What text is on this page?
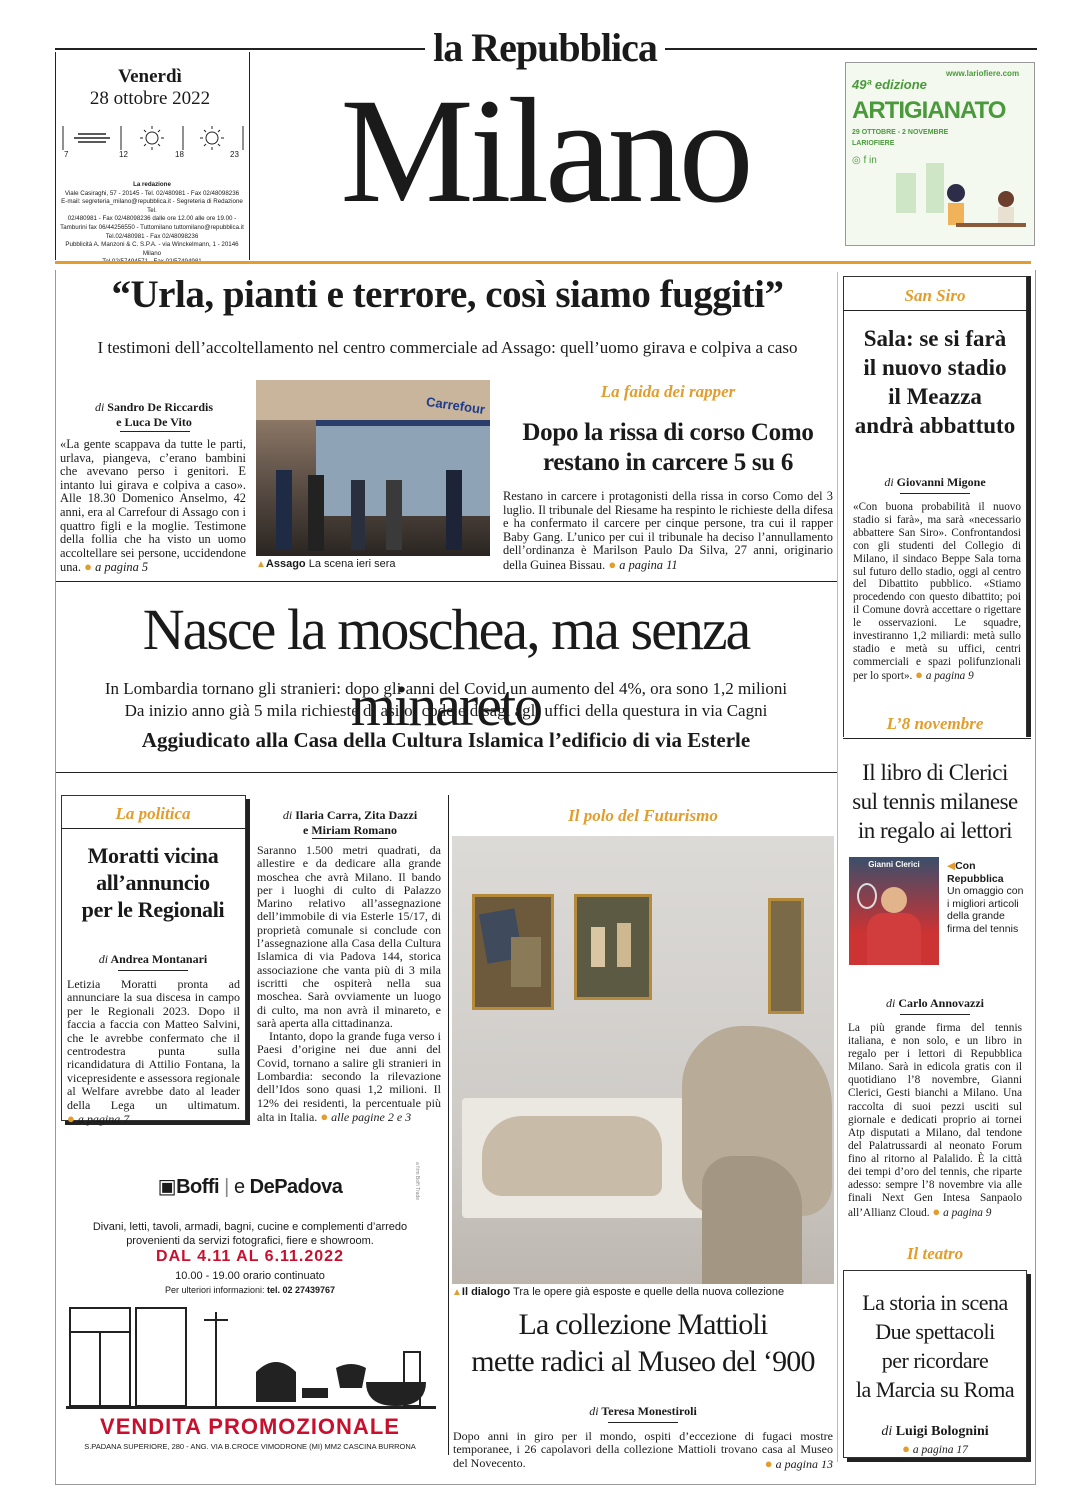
la Repubblica
Milano
Venerdì
28 ottobre 2022
7	12	18	23
La redazione
Viale Casiraghi, 57 - 20145 - Tel. 02/480981 - Fax 02/48098236
E-mail: segreteria_milano@repubblica.it - Segreteria di Redazione Tel.
02/480981 - Fax 02/48098236 dalle ore 12.00 alle ore 19.00 -
Tamburini fax 06/44256550 - Tuttomilano tuttomilano@repubblica.it
Tel.02/480981 - Fax 02/48098236
Pubblicità A. Manzoni & C. S.P.A. - via Winckelmann, 1 - 20146 Milano
49ª edizione
www.lariofiere.com
ARTIGIANATO
29 OTTOBRE - 2 NOVEMBRE
LARIOFIERE
◎ f in
“Urla, pianti e terrore, così siamo fuggiti”
I testimoni dell’accoltellamento nel centro commerciale ad Assago: quell’uomo girava e colpiva a caso
di Sandro De Riccardis
e Luca De Vito
«La gente scappava da tutte le parti, urlava, piangeva, c’erano bambini che avevano perso i genitori. E intanto lui girava e colpiva a caso». Alle 18.30 Domenico Anselmo, 42 anni, era al Carrefour di Assago con i quattro figli e la moglie. Testimone della follia che ha visto un uomo accoltellare sei persone, uccidendone una. ● a pagina 5
Carrefour
▲Assago La scena ieri sera
La faida dei rapper
Dopo la rissa di corso Como
restano in carcere 5 su 6
Restano in carcere i protagonisti della rissa in corso Como del 3 luglio. Il tribunale del Riesame ha respinto le richieste della difesa e ha confermato il carcere per cinque persone, tra cui il rapper Baby Gang. L’unico per cui il tribunale ha deciso l’annullamento dell’ordinanza è Marilson Paulo Da Silva, 27 anni, originario della Guinea Bissau. ● a pagina 11
San Siro
Sala: se si farà
il nuovo stadio
il Meazza
andrà abbattuto
di Giovanni Migone
«Con buona probabilità il nuovo stadio si farà», ma sarà «necessario abbattere San Siro». Confrontandosi con gli studenti del Collegio di Milano, il sindaco Beppe Sala torna sul futuro dello stadio, oggi al centro del Dibattito pubblico. «Stiamo procedendo con questo dibattito; poi il Comune dovrà accettare o rigettare le osservazioni. Le squadre, investiranno 1,2 miliardi: metà sullo stadio e metà su uffici, centri commerciali e spazi polifunzionali per lo sport». ● a pagina 9
L’8 novembre
Il libro di Clerici
sul tennis milanese
in regalo ai lettori
Gianni Clerici	◀Con
Repubblica
Un omaggio con i migliori articoli della grande firma del tennis
di Carlo Annovazzi
La più grande firma del tennis italiana, e non solo, e un libro in regalo per i lettori di Repubblica Milano. Sarà in edicola gratis con il quotidiano l’8 novembre, Gianni Clerici, Gesti bianchi a Milano. Una raccolta di suoi pezzi usciti sul giornale e dedicati proprio ai tornei Atp disputati a Milano, dal tendone del Palatrussardi al neonato Forum fino al ritorno al Palalido. È la città dei tempi d’oro del tennis, che riparte adesso: sempre l’8 novembre via alle finali Next Gen Intesa Sanpaolo all’Allianz Cloud. ● a pagina 9
Il teatro
La storia in scena
Due spettacoli
per ricordare
la Marcia su Roma
di Luigi Bolognini
● a pagina 17
Nasce la moschea, ma senza minareto
In Lombardia tornano gli stranieri: dopo gli anni del Covid un aumento del 4%, ora sono 1,2 milioni
Da inizio anno già 5 mila richieste di asilo: code e disagi agli uffici della questura in via Cagni
Aggiudicato alla Casa della Cultura Islamica l’edificio di via Esterle
La politica
Moratti vicina
all’annuncio
per le Regionali
di Andrea Montanari
Letizia Moratti pronta ad annunciare la sua discesa in campo per le Regionali 2023. Dopo il faccia a faccia con Matteo Salvini, che le avrebbe confermato che il centrodestra punta sulla ricandidatura di Attilio Fontana, la vicepresidente e assessora regionale al Welfare avrebbe dato al leader della Lega un ultimatum. ● a pagina 7
di Ilaria Carra, Zita Dazzi
e Miriam Romano
Saranno 1.500 metri quadrati, da allestire e da dedicare alla grande moschea che avrà Milano. Il bando per i luoghi di culto di Palazzo Marino relativo all’assegnazione dell’immobile di via Esterle 15/17, di proprietà comunale si conclude con l’assegnazione alla Casa della Cultura Islamica di via Padova 144, storica associazione che vanta più di 3 mila iscritti che ospiterà nella sua moschea. Sarà ovviamente un luogo di culto, ma non avrà il minareto, e sarà aperta alla cittadinanza.
Intanto, dopo la grande fuga verso i Paesi d’origine nei due anni del Covid, tornano a salire gli stranieri in Lombardia: secondo la rilevazione dell’Idos sono quasi 1,2 milioni. Il 12% dei residenti, la percentuale più alta in Italia. ● alle pagine 2 e 3
Il polo del Futurismo
▲Il dialogo Tra le opere già esposte e quelle della nuova collezione
La collezione Mattioli
mette radici al Museo del ‘900
di Teresa Monestiroli
Dopo anni in giro per il mondo, ospiti d’eccezione di fugaci mostre temporanee, i 26 capolavori della collezione Mattioli trovano casa al Museo del Novecento.	● a pagina 13
▣Boffi | e DePadova	a firm Boffi Trade
Divani, letti, tavoli, armadi, bagni, cucine e complementi d’arredo
provenienti da servizi fotografici, fiere e showroom.
DAL 4.11 AL 6.11.2022
10.00 - 19.00 orario continuato
Per ulteriori informazioni: tel. 02 27439767
VENDITA PROMOZIONALE
S.PADANA SUPERIORE, 280 - ANG. VIA B.CROCE VIMODRONE (MI) MM2 CASCINA BURRONA
